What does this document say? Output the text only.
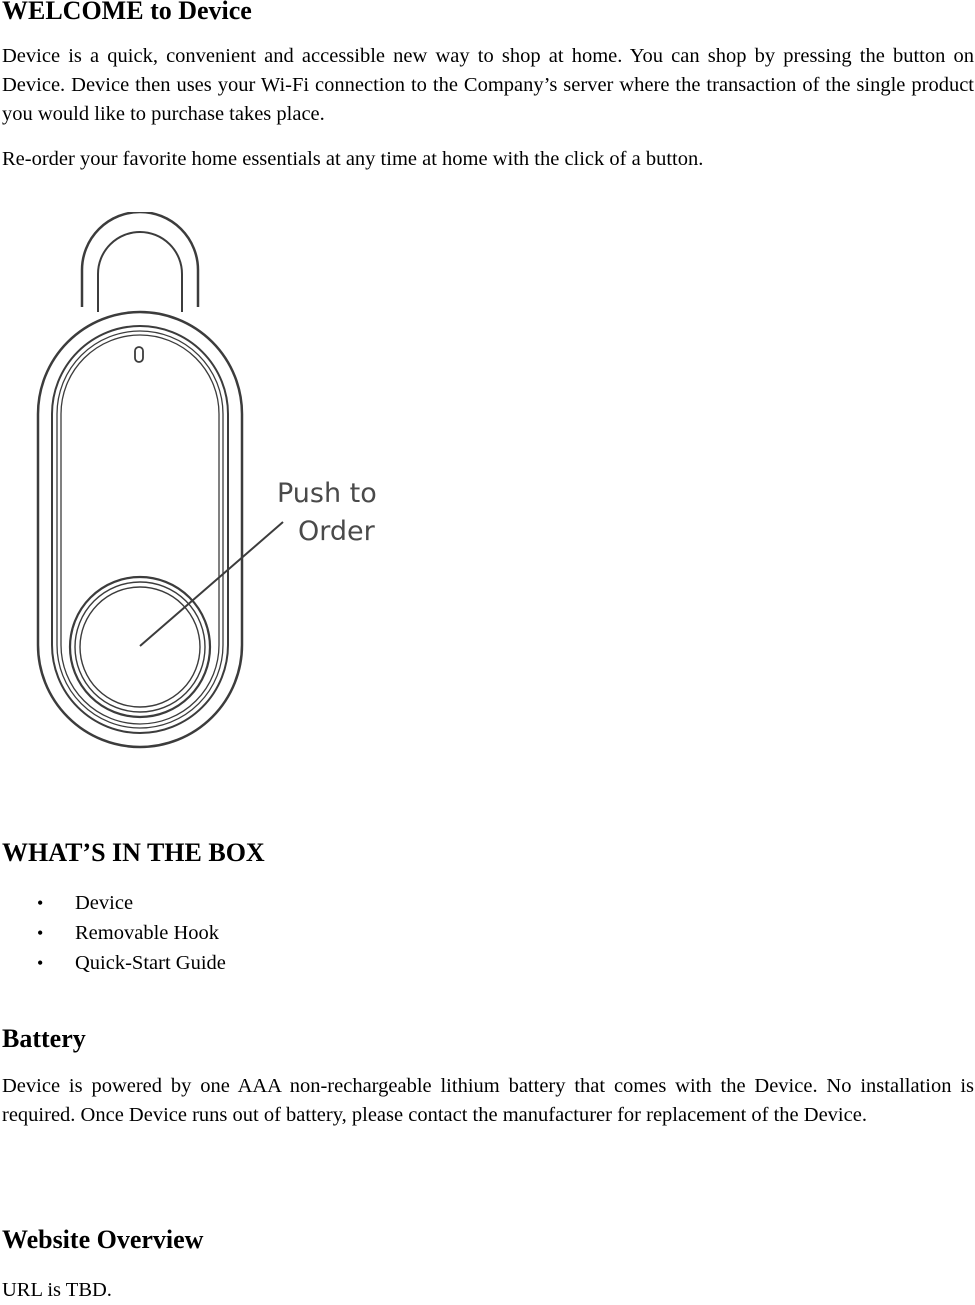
WELCOME to Device

Device is a quick, convenient and accessible new way to shop at home. You can shop by pressing the button on Device. Device then uses your Wi-Fi connection to the Company’s server where the transaction of the single product you would like to purchase takes place.

Re-order your favorite home essentials at any time at home with the click of a button.

Push to
Order
WHAT’S IN THE BOX
• Device
• Removable Hook
• Quick-Start Guide
Battery

Device is powered by one AAA non-rechargeable lithium battery that comes with the Device. No installation is required. Once Device runs out of battery, please contact the manufacturer for replacement of the Device.

Website Overview

URL is TBD.
